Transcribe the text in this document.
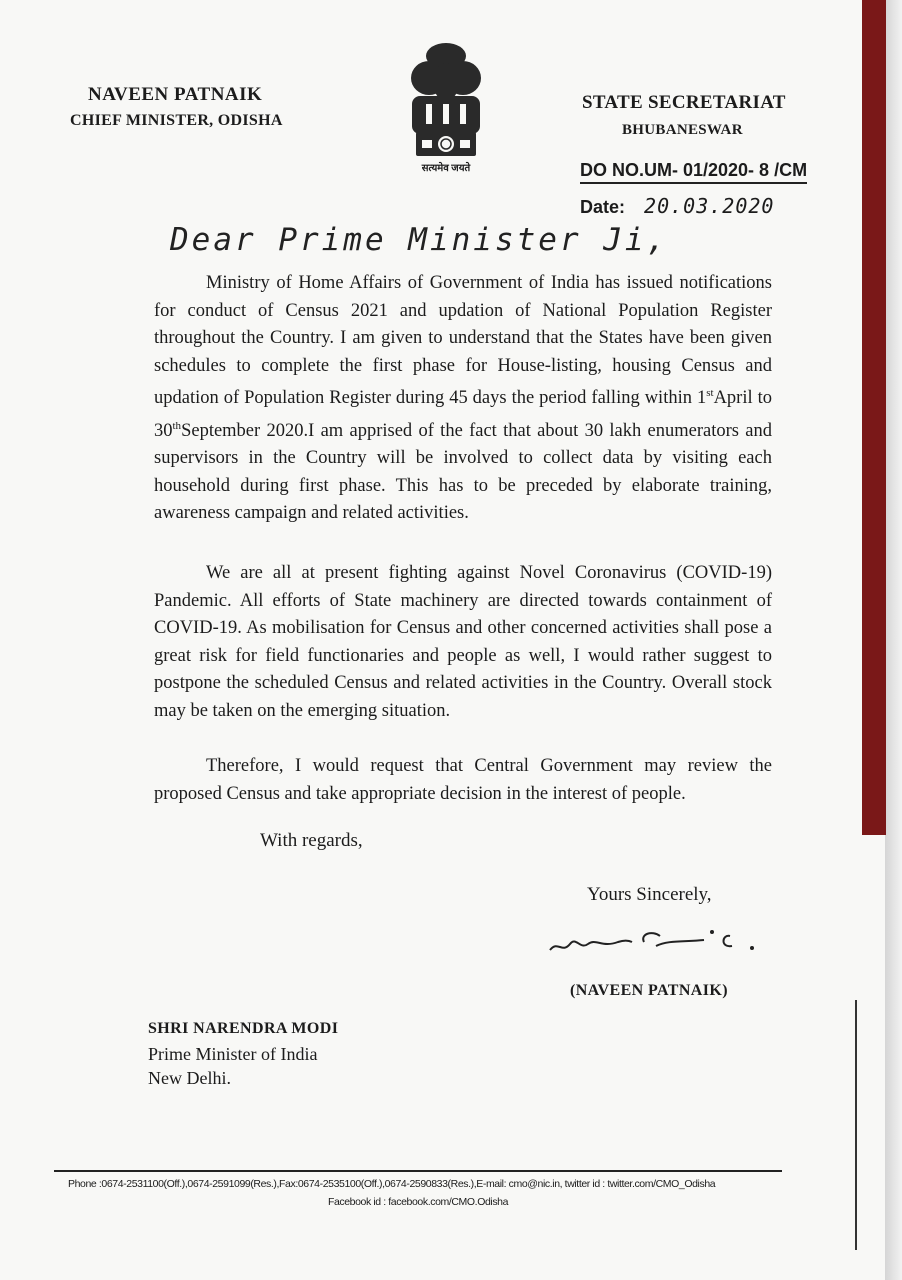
NAVEEN PATNAIK
CHIEF MINISTER, ODISHA
सत्यमेव जयते
STATE SECRETARIAT
BHUBANESWAR
DO NO.UM- 01/2020- 8 /CM
Date: 20.03.2020
Dear Prime Minister Ji,

Ministry of Home Affairs of Government of India has issued notifications for conduct of Census 2021 and updation of National Population Register throughout the Country. I am given to understand that the States have been given schedules to complete the first phase for House-listing, housing Census and updation of Population Register during 45 days the period falling within 1stApril to 30thSeptember 2020.I am apprised of the fact that about 30 lakh enumerators and supervisors in the Country will be involved to collect data by visiting each household during first phase. This has to be preceded by elaborate training, awareness campaign and related activities.

We are all at present fighting against Novel Coronavirus (COVID-19) Pandemic. All efforts of State machinery are directed towards containment of COVID-19. As mobilisation for Census and other concerned activities shall pose a great risk for field functionaries and people as well, I would rather suggest to postpone the scheduled Census and related activities in the Country. Overall stock may be taken on the emerging situation.

Therefore, I would request that Central Government may review the proposed Census and take appropriate decision in the interest of people.

With regards,
Yours Sincerely,
(NAVEEN PATNAIK)
SHRI NARENDRA MODI
Prime Minister of India
New Delhi.
Phone :0674-2531100(Off.),0674-2591099(Res.),Fax:0674-2535100(Off.),0674-2590833(Res.),E-mail: cmo@nic.in, twitter id : twitter.com/CMO_Odisha
Facebook id : facebook.com/CMO.Odisha
